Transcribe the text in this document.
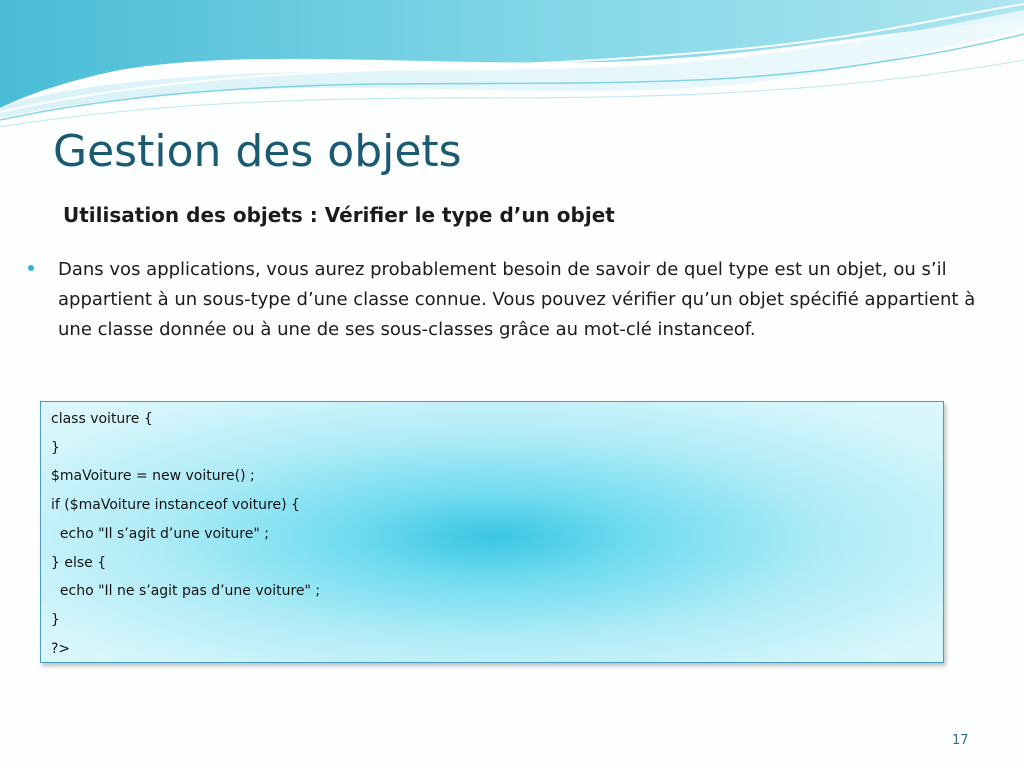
Gestion des objets
Utilisation des objets : Vérifier le type d’un objet

Dans vos applications, vous aurez probablement besoin de savoir de quel type est un objet, ou s’il appartient à un sous-type d’une classe connue. Vous pouvez vérifier qu’un objet spécifié appartient à une classe donnée ou à une de ses sous-classes grâce au mot-clé instanceof.

class voiture {
}
$maVoiture = new voiture() ;
if ($maVoiture instanceof voiture) {
echo "Il s’agit d’une voiture" ;
} else {
echo "Il ne s’agit pas d’une voiture" ;
}
?>
17
